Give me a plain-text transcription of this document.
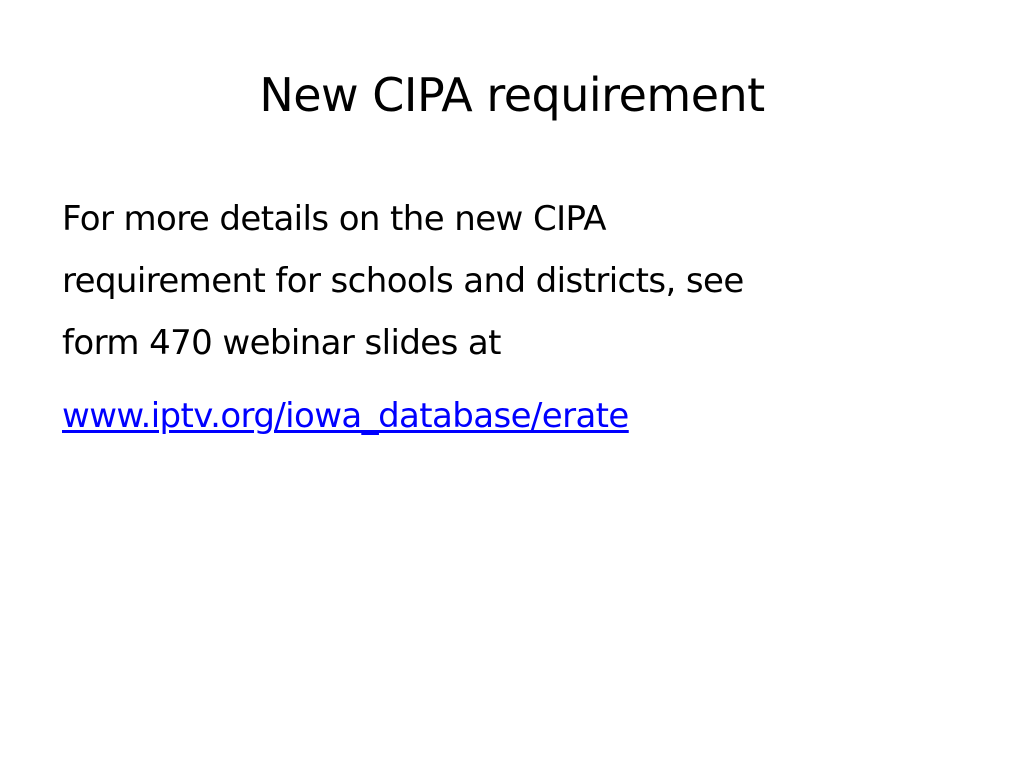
New CIPA requirement

For more details on the new CIPA
requirement for schools and districts, see
form 470 webinar slides at

www.iptv.org/iowa_database/erate
